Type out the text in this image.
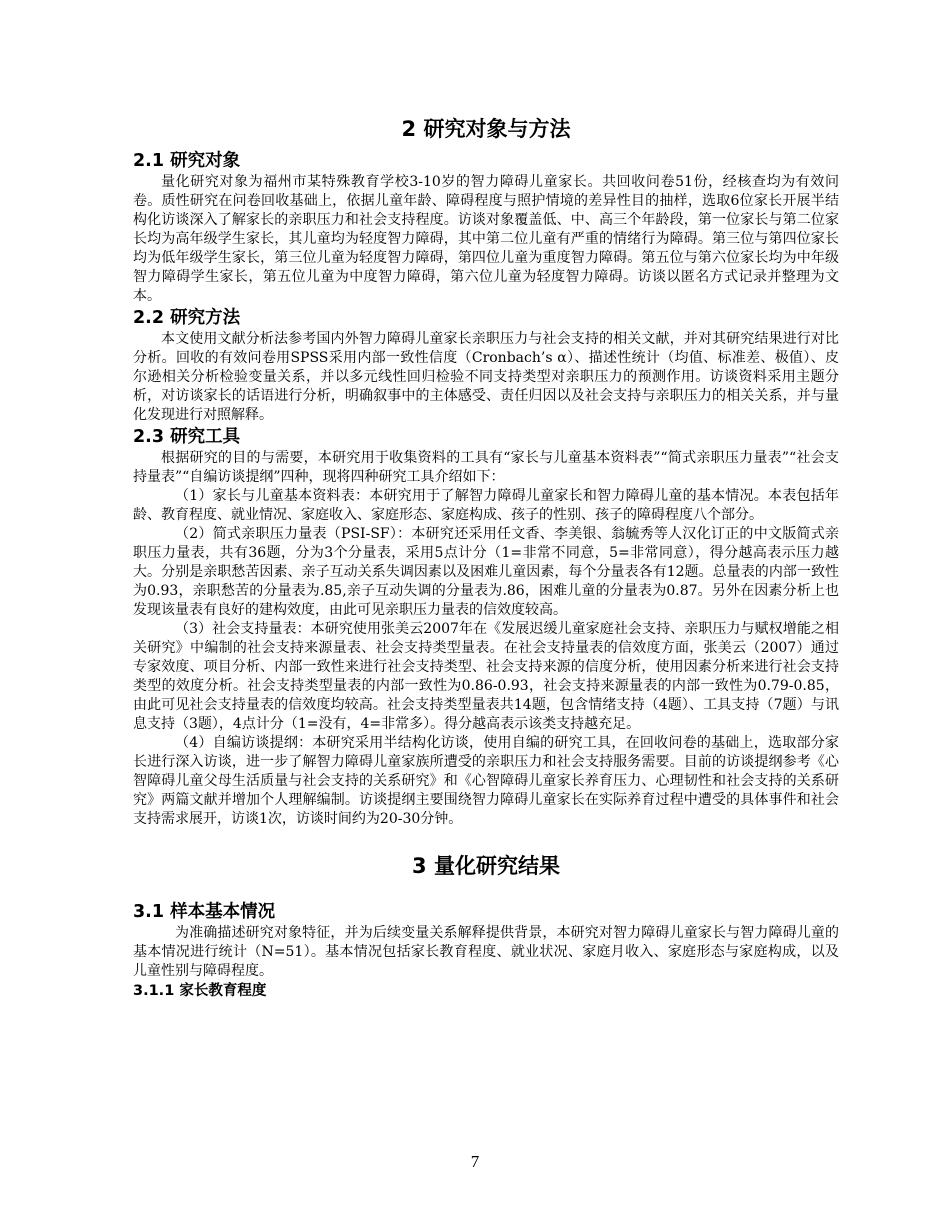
2 研究对象与方法
2.1 研究对象

量化研究对象为福州市某特殊教育学校3-10岁的智力障碍儿童家长。共回收问卷51份，经核查均为有效问卷。质性研究在问卷回收基础上，依据儿童年龄、障碍程度与照护情境的差异性目的抽样，选取6位家长开展半结构化访谈深入了解家长的亲职压力和社会支持程度。访谈对象覆盖低、中、高三个年龄段，第一位家长与第二位家长均为高年级学生家长，其儿童均为轻度智力障碍，其中第二位儿童有严重的情绪行为障碍。第三位与第四位家长均为低年级学生家长，第三位儿童为轻度智力障碍，第四位儿童为重度智力障碍。第五位与第六位家长均为中年级智力障碍学生家长，第五位儿童为中度智力障碍，第六位儿童为轻度智力障碍。访谈以匿名方式记录并整理为文本。

2.2 研究方法

本文使用文献分析法参考国内外智力障碍儿童家长亲职压力与社会支持的相关文献，并对其研究结果进行对比分析。回收的有效问卷用SPSS采用内部一致性信度（Cronbach’s α）、描述性统计（均值、标准差、极值）、皮尔逊相关分析检验变量关系，并以多元线性回归检验不同支持类型对亲职压力的预测作用。访谈资料采用主题分析，对访谈家长的话语进行分析，明确叙事中的主体感受、责任归因以及社会支持与亲职压力的相关关系，并与量化发现进行对照解释。

2.3 研究工具

根据研究的目的与需要，本研究用于收集资料的工具有“家长与儿童基本资料表”“简式亲职压力量表”“社会支持量表”“自编访谈提纲”四种，现将四种研究工具介绍如下：

（1）家长与儿童基本资料表：本研究用于了解智力障碍儿童家长和智力障碍儿童的基本情况。本表包括年龄、教育程度、就业情况、家庭收入、家庭形态、家庭构成、孩子的性别、孩子的障碍程度八个部分。

（2）简式亲职压力量表（PSI-SF）：本研究还采用任文香、李美银、翁毓秀等人汉化订正的中文版简式亲职压力量表，共有36题，分为3个分量表，采用5点计分（1=非常不同意，5=非常同意），得分越高表示压力越大。分别是亲职愁苦因素、亲子互动关系失调因素以及困难儿童因素，每个分量表各有12题。总量表的内部一致性为0.93，亲职愁苦的分量表为.85,亲子互动失调的分量表为.86，困难儿童的分量表为0.87。另外在因素分析上也发现该量表有良好的建构效度，由此可见亲职压力量表的信效度较高。

（3）社会支持量表：本研究使用张美云2007年在《发展迟缓儿童家庭社会支持、亲职压力与赋权增能之相关研究》中编制的社会支持来源量表、社会支持类型量表。在社会支持量表的信效度方面，张美云（2007）通过专家效度、项目分析、内部一致性来进行社会支持类型、社会支持来源的信度分析，使用因素分析来进行社会支持类型的效度分析。社会支持类型量表的内部一致性为0.86-0.93，社会支持来源量表的内部一致性为0.79-0.85，由此可见社会支持量表的信效度均较高。社会支持类型量表共14题，包含情绪支持（4题）、工具支持（7题）与讯息支持（3题），4点计分（1=没有，4=非常多）。得分越高表示该类支持越充足。

（4）自编访谈提纲：本研究采用半结构化访谈，使用自编的研究工具，在回收问卷的基础上，选取部分家长进行深入访谈，进一步了解智力障碍儿童家族所遭受的亲职压力和社会支持服务需要。目前的访谈提纲参考《心智障碍儿童父母生活质量与社会支持的关系研究》和《心智障碍儿童家长养育压力、心理韧性和社会支持的关系研究》两篇文献并增加个人理解编制。访谈提纲主要围绕智力障碍儿童家长在实际养育过程中遭受的具体事件和社会支持需求展开，访谈1次，访谈时间约为20-30分钟。

3 量化研究结果
3.1 样本基本情况

为准确描述研究对象特征，并为后续变量关系解释提供背景，本研究对智力障碍儿童家长与智力障碍儿童的基本情况进行统计（N=51）。基本情况包括家长教育程度、就业状况、家庭月收入、家庭形态与家庭构成，以及儿童性别与障碍程度。

3.1.1 家长教育程度
7
